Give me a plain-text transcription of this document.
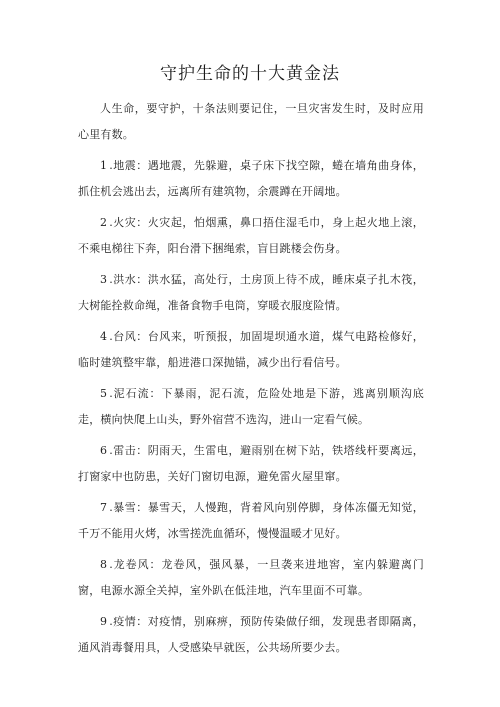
守护生命的十大黄金法

人生命，要守护，十条法则要记住，一旦灾害发生时，及时应用心里有数。

1 .地震：遇地震，先躲避，桌子床下找空隙，蜷在墙角曲身体，抓住机会逃出去，远离所有建筑物，余震蹲在开阔地。

2 .火灾：火灾起，怕烟熏，鼻口捂住湿毛巾，身上起火地上滚，不乘电梯往下奔，阳台滑下捆绳索，盲目跳楼会伤身。

3 .洪水：洪水猛，高处行，土房顶上待不成，睡床桌子扎木筏，大树能拴救命绳，准备食物手电筒，穿暖衣服度险情。

4 .台风：台风来，听预报，加固堤坝通水道，煤气电路检修好，临时建筑整牢靠，船进港口深抛锚，减少出行看信号。

5 .泥石流：下暴雨，泥石流，危险处地是下游，逃离别顺沟底走，横向快爬上山头，野外宿营不选沟，进山一定看气候。

6 .雷击：阴雨天，生雷电，避雨别在树下站，铁塔线杆要离远，打窗家中也防患，关好门窗切电源，避免雷火屋里窜。

7 .暴雪：暴雪天，人慢跑，背着风向别停脚，身体冻僵无知觉，千万不能用火烤，冰雪搓洗血循环，慢慢温暖才见好。

8 .龙卷风：龙卷风，强风暴，一旦袭来进地窖，室内躲避离门窗，电源水源全关掉，室外趴在低洼地，汽车里面不可靠。

9 .疫情：对疫情，别麻痹，预防传染做仔细，发现患者即隔离，通风消毒餐用具，人受感染早就医，公共场所要少去。
